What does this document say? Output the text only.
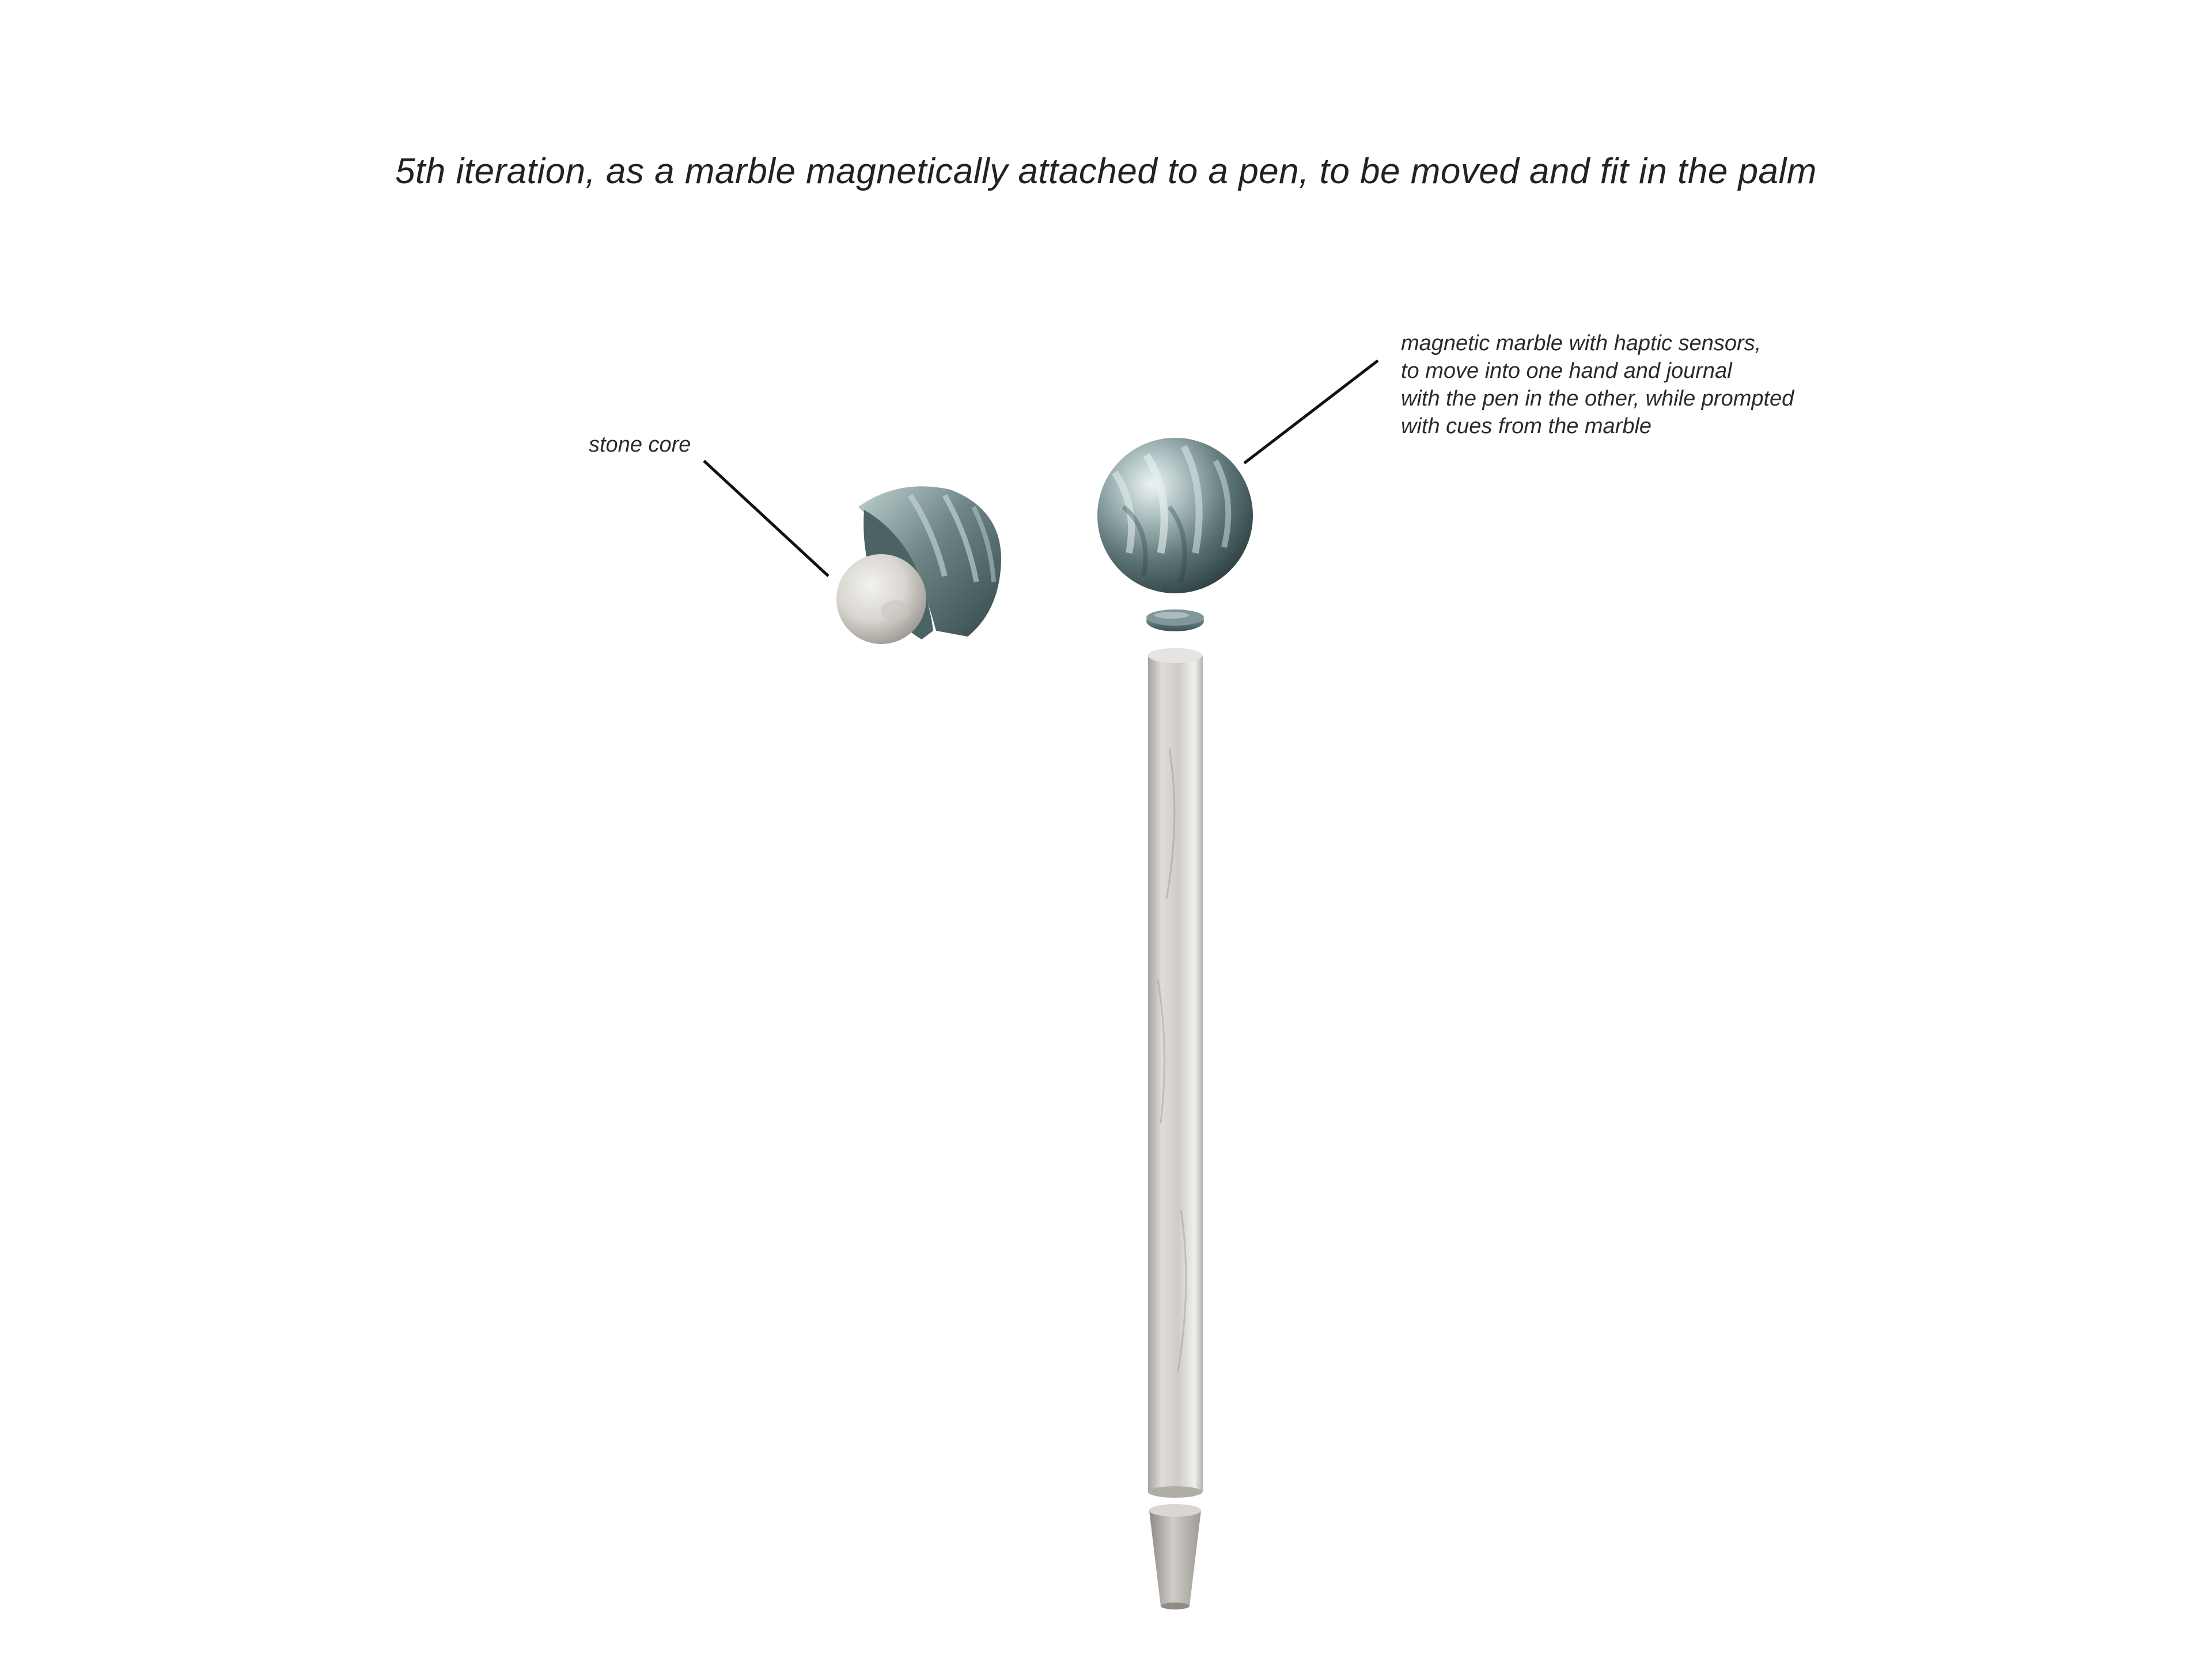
5th iteration, as a marble magnetically attached to a pen, to be moved and fit in the palm
stone core
magnetic marble with haptic sensors,
to move into one hand and journal
with the pen in the other, while prompted
with cues from the marble
